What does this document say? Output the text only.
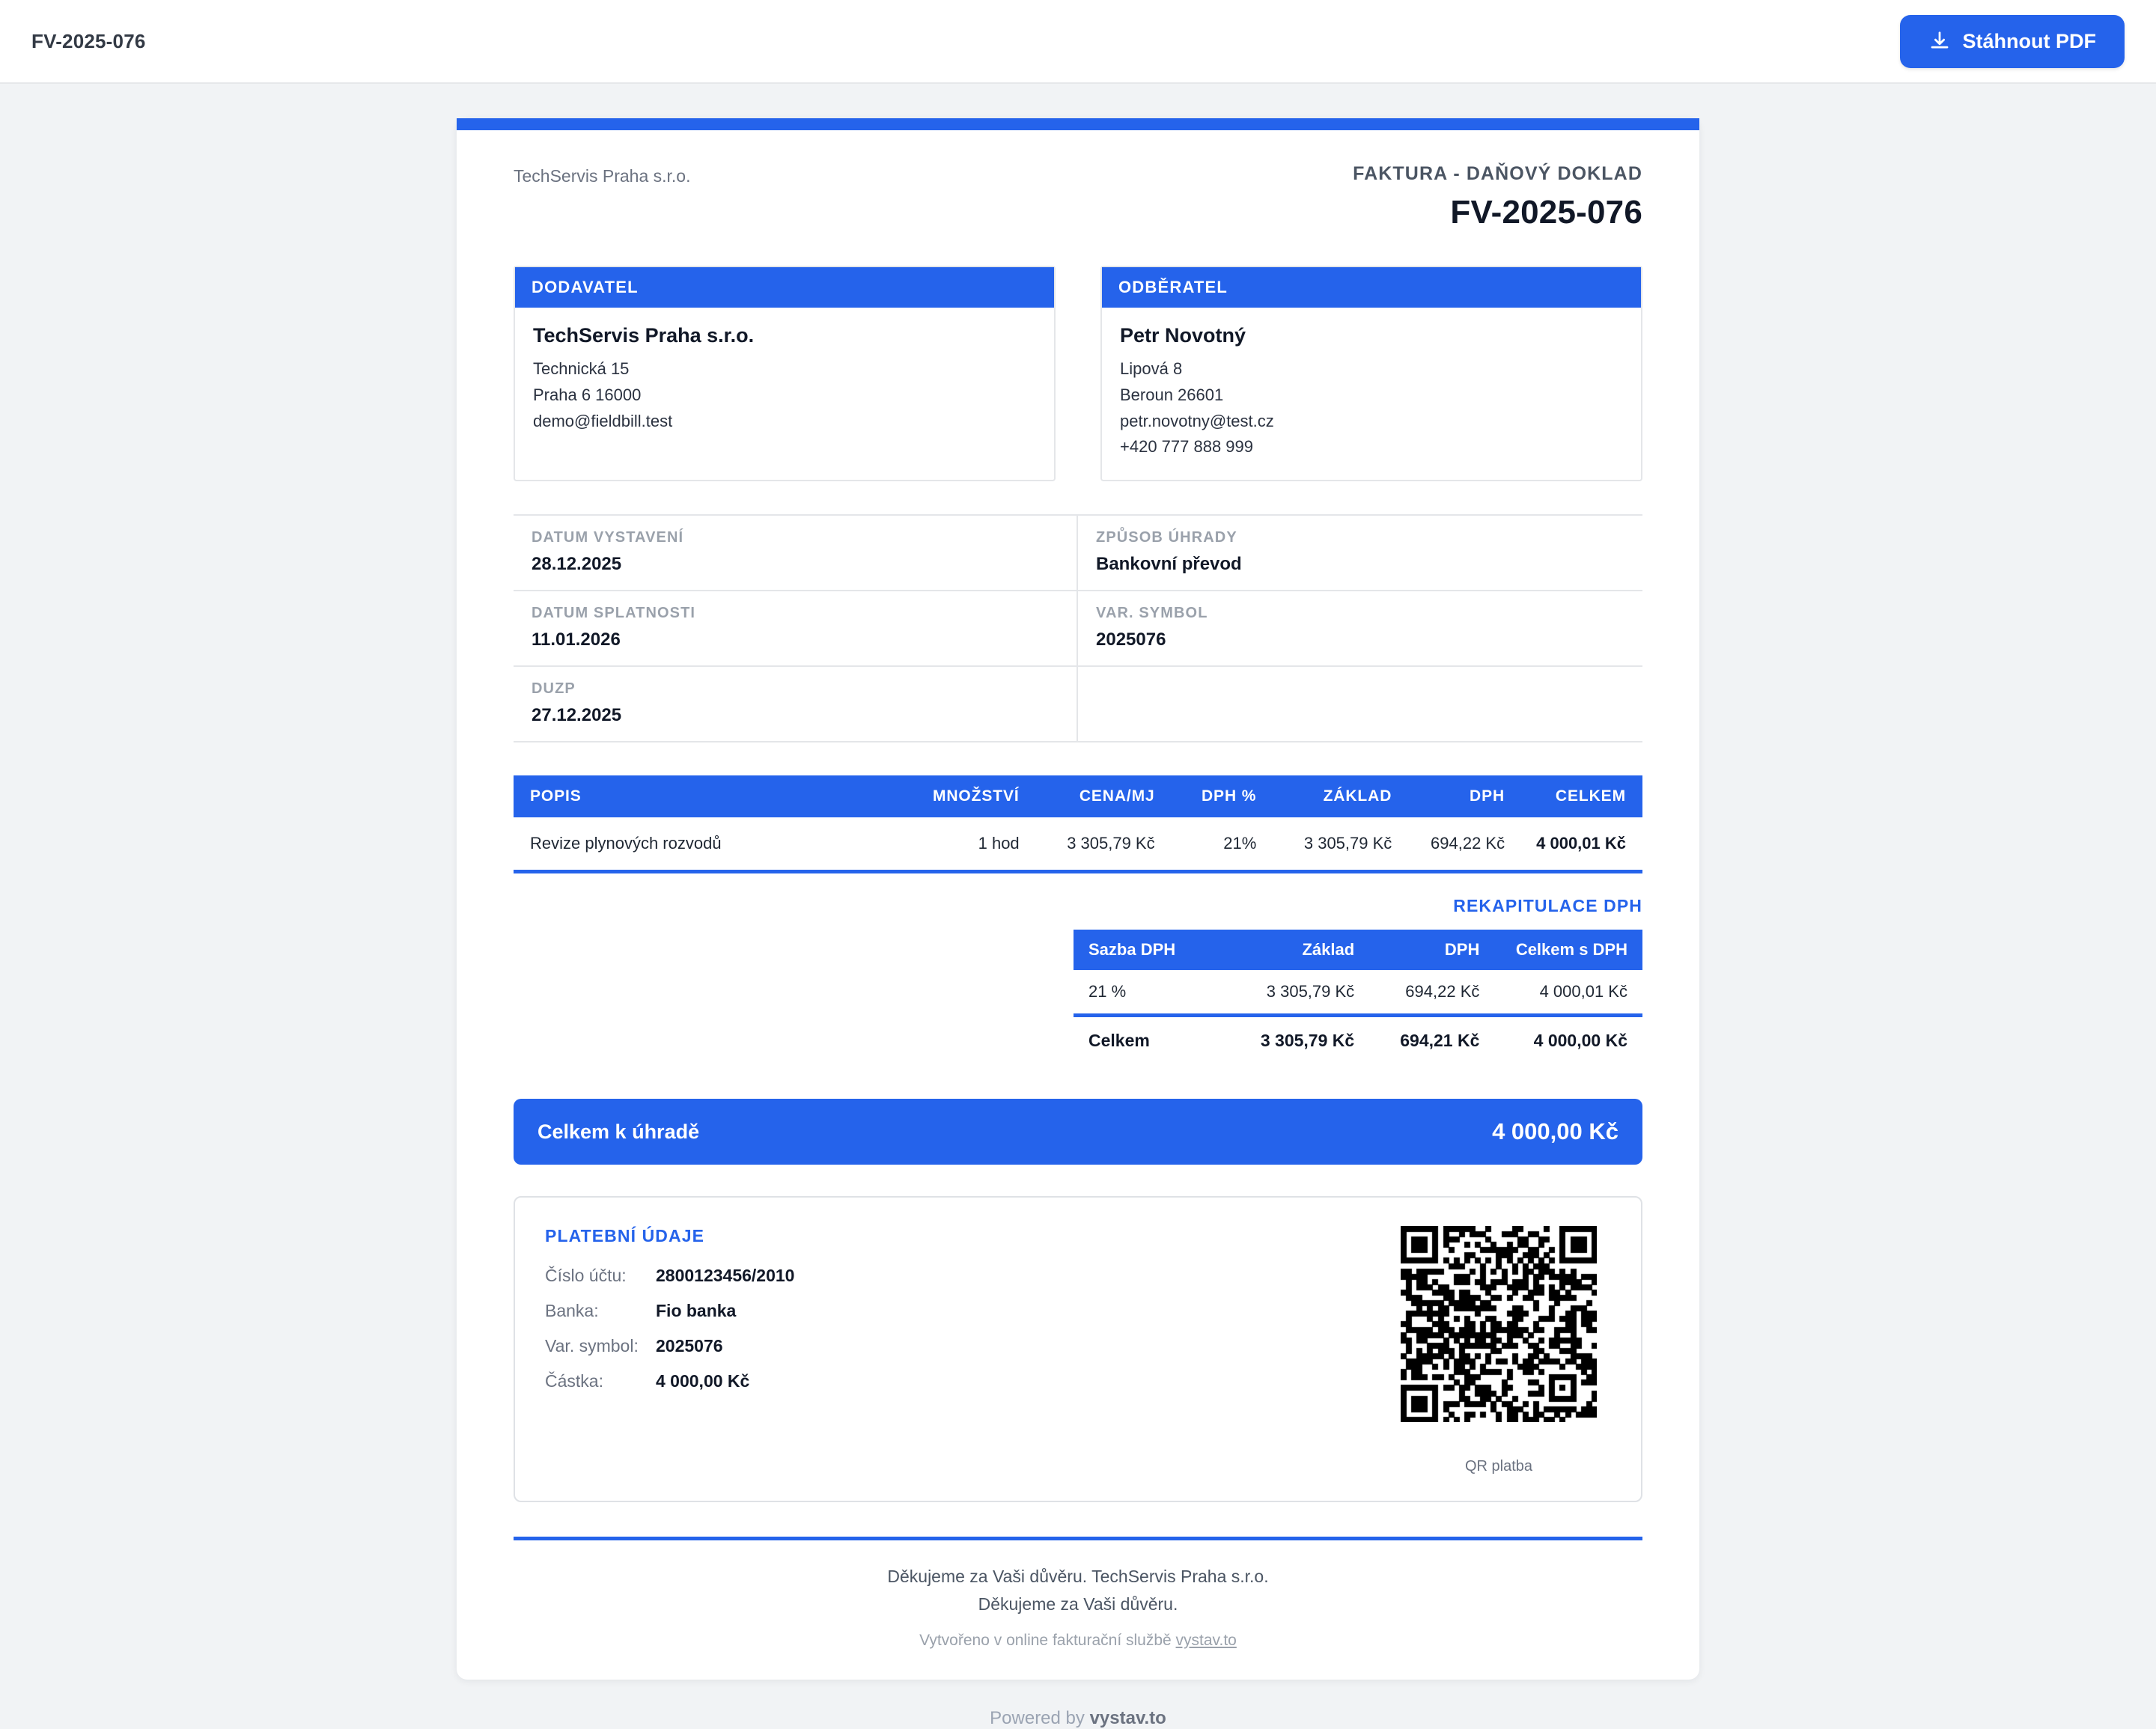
FV-2025-076	Stáhnout PDF
TechServis Praha s.r.o.	FAKTURA - DAŇOVÝ DOKLAD
FV-2025-076
DODAVATEL
TechServis Praha s.r.o.
Technická 15
Praha 6 16000
demo@fieldbill.test
ODBĚRATEL
Petr Novotný
Lipová 8
Beroun 26601
petr.novotny@test.cz
+420 777 888 999
DATUM VYSTAVENÍ
28.12.2025
ZPŮSOB ÚHRADY
Bankovní převod
DATUM SPLATNOSTI
11.01.2026
VAR. SYMBOL
2025076
DUZP
27.12.2025
POPIS	MNOŽSTVÍ	CENA/MJ	DPH %	ZÁKLAD	DPH	CELKEM
Revize plynových rozvodů	1 hod	3 305,79 Kč	21%	3 305,79 Kč	694,22 Kč	4 000,01 Kč
REKAPITULACE DPH
Sazba DPH	Základ	DPH	Celkem s DPH
21 %	3 305,79 Kč	694,22 Kč	4 000,01 Kč
Celkem	3 305,79 Kč	694,21 Kč	4 000,00 Kč
Celkem k úhradě	4 000,00 Kč
PLATEBNÍ ÚDAJE
Číslo účtu:	2800123456/2010
Banka:	Fio banka
Var. symbol:	2025076
Částka:	4 000,00 Kč
QR platba
Děkujeme za Vaši důvěru. TechServis Praha s.r.o.
Děkujeme za Vaši důvěru.
Vytvořeno v online fakturační službě vystav.to
Powered by vystav.to
